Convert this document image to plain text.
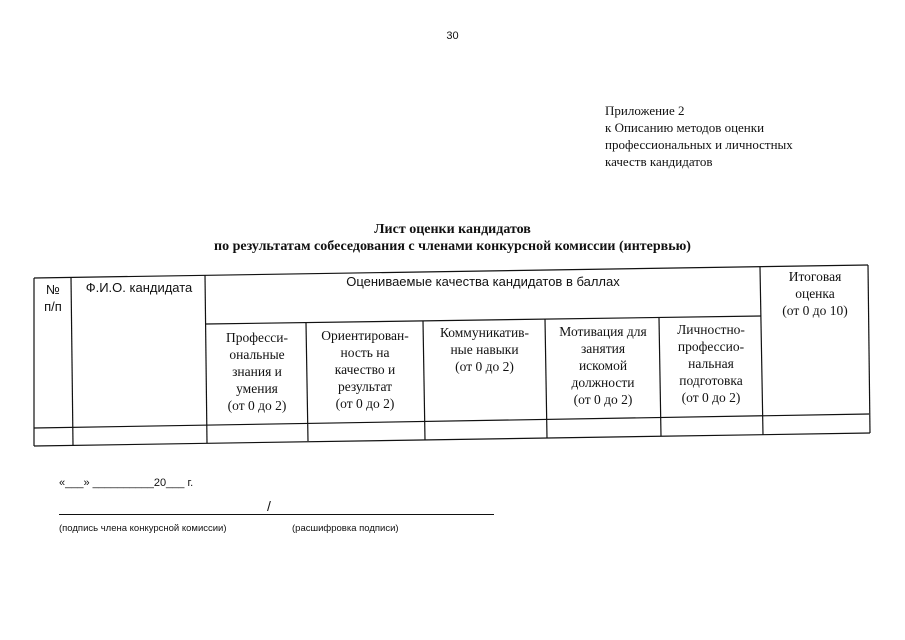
30
Приложение 2
к Описанию методов оценки
профессиональных и личностных
качеств кандидатов
Лист оценки кандидатов
по результатам собеседования с членами конкурсной комиссии (интервью)
№
п/п
Ф.И.О. кандидата	Оцениваемые качества кандидатов в баллах
Професси-
ональные
знания и
умения
(от 0 до 2)
Ориентирован-
ность на
качество и
результат
(от 0 до 2)
Коммуникатив-
ные навыки
(от 0 до 2)
Мотивация для
занятия
искомой
должности
(от 0 до 2)
Личностно-
профессио-
нальная
подготовка
(от 0 до 2)
Итоговая
оценка
(от 0 до 10)
«___» __________20___ г.
/
(подпись члена конкурсной комиссии)	(расшифровка подписи)
